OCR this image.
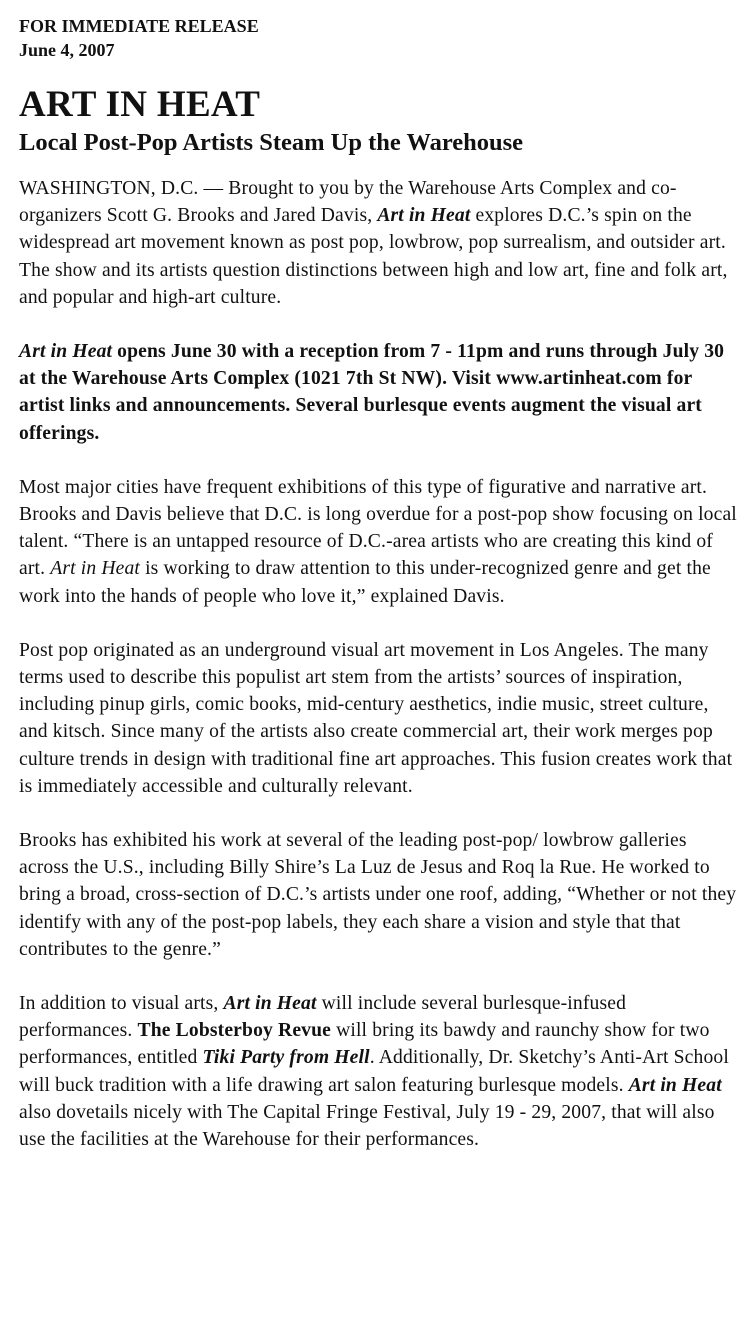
FOR IMMEDIATE RELEASE

June 4, 2007

ART IN HEAT
Local Post-Pop Artists Steam Up the Warehouse

WASHINGTON, D.C. — Brought to you by the Warehouse Arts Complex and co-organizers Scott G. Brooks and Jared Davis, Art in Heat explores D.C.’s spin on the widespread art movement known as post pop, lowbrow, pop surrealism, and outsider art. The show and its artists question distinctions between high and low art, fine and folk art, and popular and high-art culture.

Art in Heat opens June 30 with a reception from 7 - 11pm and runs through July 30 at the Warehouse Arts Complex (1021 7th St NW). Visit www.artinheat.com for artist links and announcements. Several burlesque events augment the visual art offerings.

Most major cities have frequent exhibitions of this type of figurative and narrative art. Brooks and Davis believe that D.C. is long overdue for a post-pop show focusing on local talent. “There is an untapped resource of D.C.-area artists who are creating this kind of art. Art in Heat is working to draw attention to this under-recognized genre and get the work into the hands of people who love it,” explained Davis.

Post pop originated as an underground visual art movement in Los Angeles. The many terms used to describe this populist art stem from the artists’ sources of inspiration, including pinup girls, comic books, mid-century aesthetics, indie music, street culture, and kitsch. Since many of the artists also create commercial art, their work merges pop culture trends in design with traditional fine art approaches. This fusion creates work that is immediately accessible and culturally relevant.

Brooks has exhibited his work at several of the leading post-pop/ lowbrow galleries across the U.S., including Billy Shire’s La Luz de Jesus and Roq la Rue. He worked to bring a broad, cross-section of D.C.’s artists under one roof, adding, “Whether or not they identify with any of the post-pop labels, they each share a vision and style that that contributes to the genre.”

In addition to visual arts, Art in Heat will include several burlesque-infused performances. The Lobsterboy Revue will bring its bawdy and raunchy show for two performances, entitled Tiki Party from Hell. Additionally, Dr. Sketchy’s Anti-Art School will buck tradition with a life drawing art salon featuring burlesque models. Art in Heat also dovetails nicely with The Capital Fringe Festival, July 19 - 29, 2007, that will also use the facilities at the Warehouse for their performances.
